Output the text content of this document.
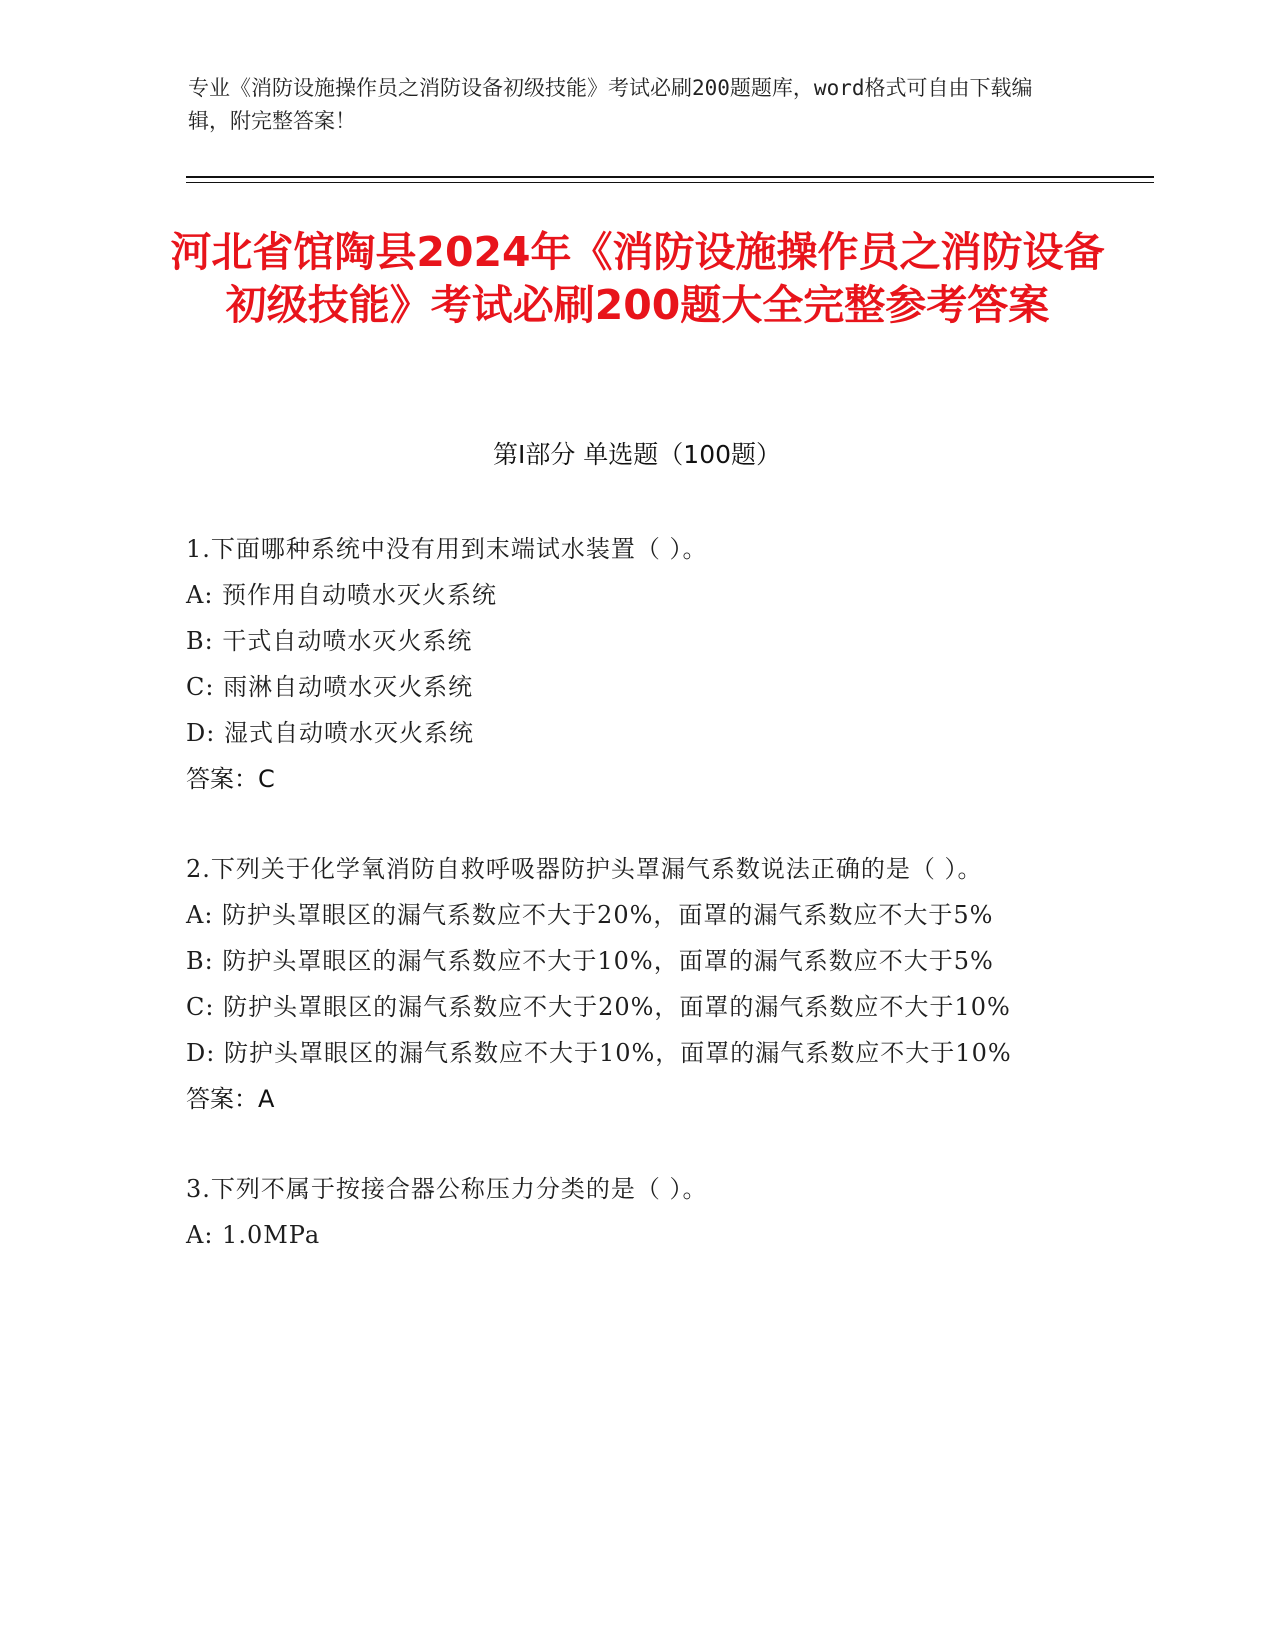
专业《消防设施操作员之消防设备初级技能》考试必刷200题题库，word格式可自由下载编辑，附完整答案！
河北省馆陶县2024年《消防设施操作员之消防设备初级技能》考试必刷200题大全完整参考答案
第Ⅰ部分 单选题（100题）
1.下面哪种系统中没有用到末端试水装置（ ）。
A: 预作用自动喷水灭火系统
B: 干式自动喷水灭火系统
C: 雨淋自动喷水灭火系统
D: 湿式自动喷水灭火系统
答案：C
2.下列关于化学氧消防自救呼吸器防护头罩漏气系数说法正确的是（ ）。
A: 防护头罩眼区的漏气系数应不大于20%，面罩的漏气系数应不大于5%
B: 防护头罩眼区的漏气系数应不大于10%，面罩的漏气系数应不大于5%
C: 防护头罩眼区的漏气系数应不大于20%，面罩的漏气系数应不大于10%
D: 防护头罩眼区的漏气系数应不大于10%，面罩的漏气系数应不大于10%
答案：A
3.下列不属于按接合器公称压力分类的是（ ）。
A: 1.0MPa
